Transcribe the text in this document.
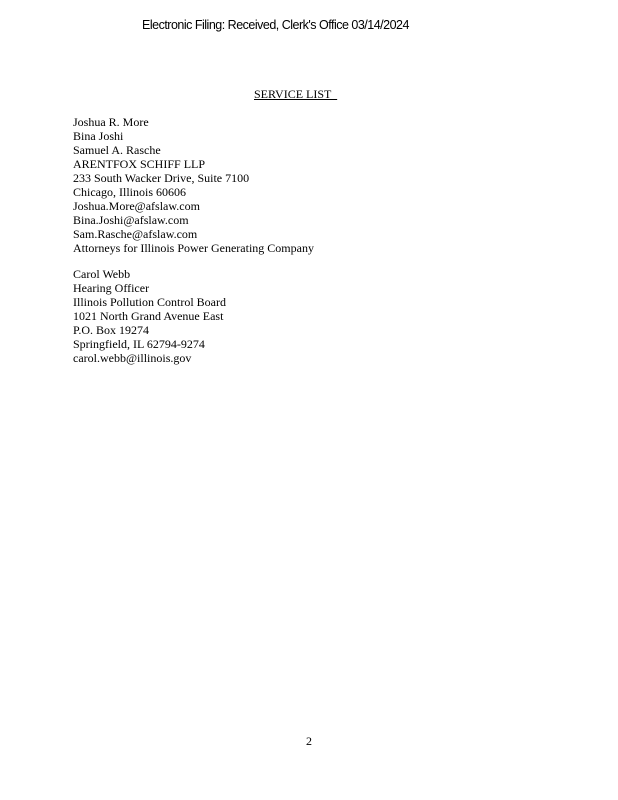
Electronic Filing: Received, Clerk's Office 03/14/2024
SERVICE LIST
Joshua R. More
Bina Joshi
Samuel A. Rasche
ARENTFOX SCHIFF LLP
233 South Wacker Drive, Suite 7100
Chicago, Illinois 60606
Joshua.More@afslaw.com
Bina.Joshi@afslaw.com
Sam.Rasche@afslaw.com
Attorneys for Illinois Power Generating Company
Carol Webb
Hearing Officer
Illinois Pollution Control Board
1021 North Grand Avenue East
P.O. Box 19274
Springfield, IL 62794-9274
carol.webb@illinois.gov
2
